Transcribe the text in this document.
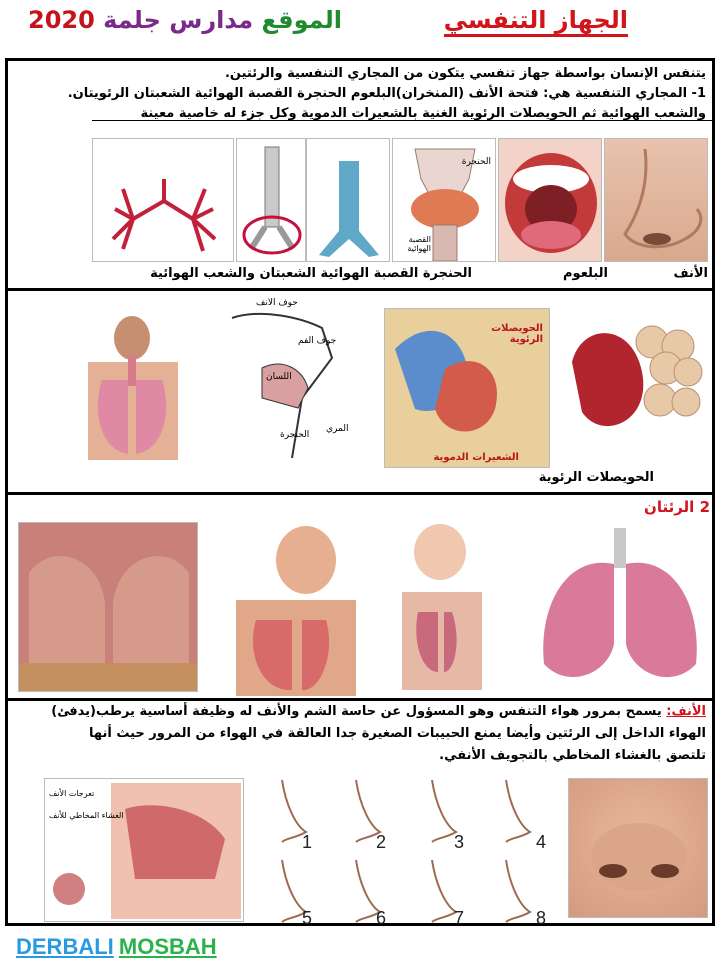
الجهاز التنفسي
الموقع مدارس جلمة 2020
يتنفس الإنسان بواسطة جهاز تنفسي يتكون من المجاري التنفسية والرئتين.
1- المجاري التنفسية هي: فتحة الأنف (المنخران)البلعوم الحنجرة القصبة الهوائية الشعبتان الرئويتان.
والشعب الهوائية ثم الحويصلات الرئوية الغنية بالشعيرات الدموية وكل جزء له خاصية معينة
الحنجرة
القصبة الهوائية
الأنف
البلعوم
الحنجرة القصبة الهوائية الشعبتان والشعب الهوائية
الحويصلات الرئوية
الشعيرات الدموية
حوف الأنف
جوف الفم
اللسان
الحنجرة
المري
الحويصلات الرئوية
2 الرئتان
الأنف: يسمح بمرور هواء التنفس وهو المسؤول عن حاسة الشم والأنف له وظيفة أساسية يرطب(يدفئ)
الهواء الداخل إلى الرئتين وأيضا يمنع الحبيبات الصغيرة جدا العالقة في الهواء من المرور حيث أنها
تلتصق بالغشاء المخاطي بالتجويف الأنفي.
تعرجات الأنف
الغشاء المخاطي للأنف
1	2	3	4
5	6	7	8
DERBALI MOSBAH
